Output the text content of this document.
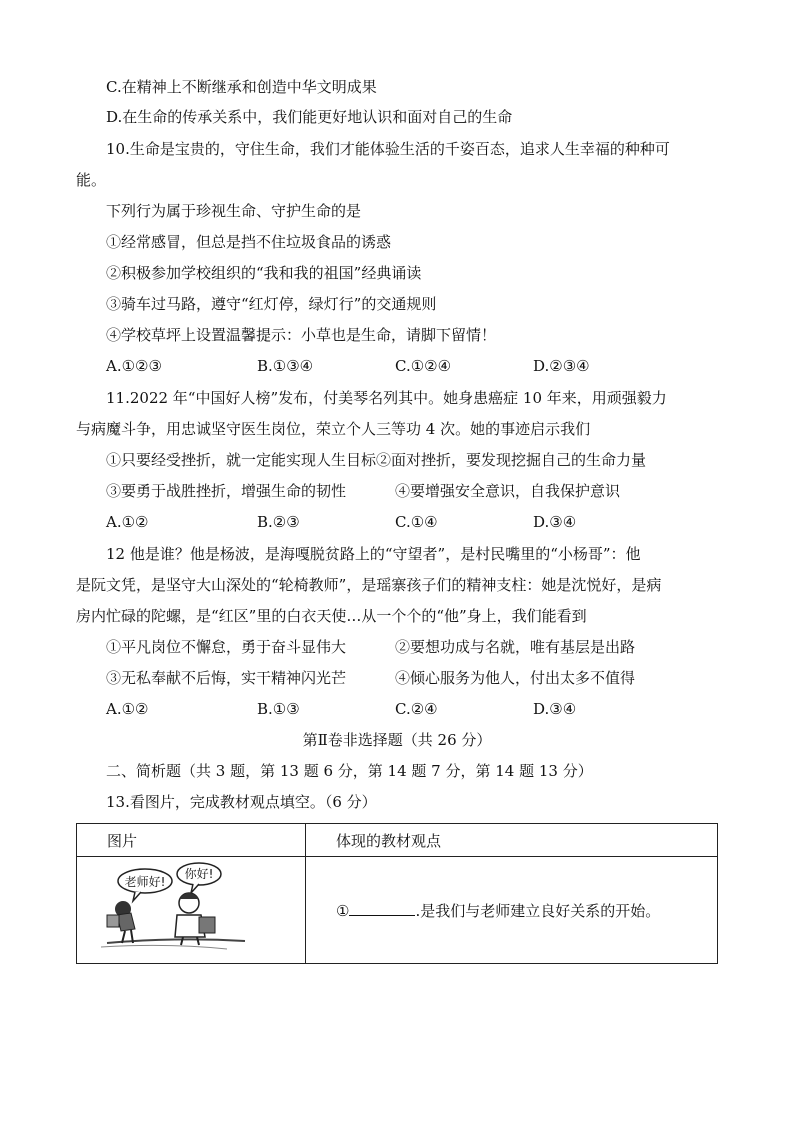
C.在精神上不断继承和创造中华文明成果
D.在生命的传承关系中，我们能更好地认识和面对自己的生命
10.生命是宝贵的，守住生命，我们才能体验生活的千姿百态，追求人生幸福的种种可
能。
下列行为属于珍视生命、守护生命的是
①经常感冒，但总是挡不住垃圾食品的诱惑
②积极参加学校组织的“我和我的祖国”经典诵读
③骑车过马路，遵守“红灯停，绿灯行”的交通规则
④学校草坪上设置温馨提示：小草也是生命，请脚下留情！
A.①②③	B.①③④	C.①②④	D.②③④
11.2022 年“中国好人榜”发布，付美琴名列其中。她身患癌症 10 年来，用顽强毅力
与病魔斗争，用忠诚坚守医生岗位，荣立个人三等功 4 次。她的事迹启示我们
①只要经受挫折，就一定能实现人生目标②面对挫折，要发现挖掘自己的生命力量
③要勇于战胜挫折，增强生命的韧性	④要增强安全意识，自我保护意识
A.①②	B.②③	C.①④	D.③④
12 他是谁？他是杨波，是海嘎脱贫路上的“守望者”，是村民嘴里的“小杨哥”：他
是阮文凭，是坚守大山深处的“轮椅教师”，是瑶寨孩子们的精神支柱：她是沈悦好，是病
房内忙碌的陀螺，是“红区”里的白衣天使…从一个个的“他”身上，我们能看到
①平凡岗位不懈怠，勇于奋斗显伟大	②要想功成与名就，唯有基层是出路
③无私奉献不后悔，实干精神闪光芒	④倾心服务为他人，付出太多不值得
A.①②	B.①③	C.②④	D.③④
第Ⅱ卷非选择题（共 26 分）
二、简析题（共 3 题，第 13 题 6 分，第 14 题 7 分，第 14 题 13 分）
13.看图片，完成教材观点填空。（6 分）
图片	体现的教材观点

老师好!
你好!	① .是我们与老师建立良好关系的开始。
